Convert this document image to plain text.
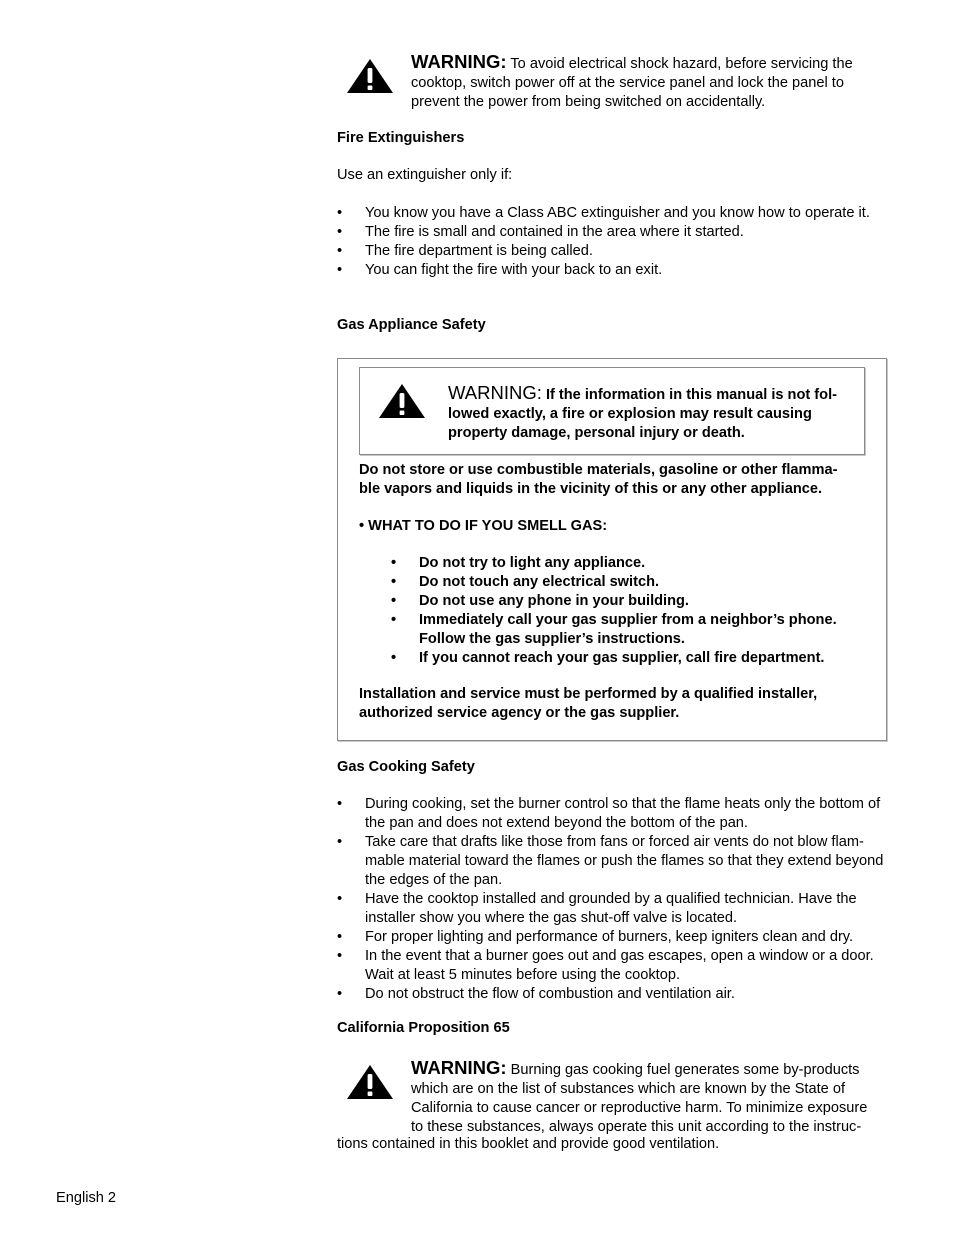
WARNING: To avoid electrical shock hazard, before servicing the
cooktop, switch power off at the service panel and lock the panel to
prevent the power from being switched on accidentally.
Fire Extinguishers
Use an extinguisher only if:
• You know you have a Class ABC extinguisher and you know how to operate it.
• The fire is small and contained in the area where it started.
• The fire department is being called.
• You can fight the fire with your back to an exit.
Gas Appliance Safety
WARNING: If the information in this manual is not fol-
lowed exactly, a fire or explosion may result causing
property damage, personal injury or death.
Do not store or use combustible materials, gasoline or other flamma-
ble vapors and liquids in the vicinity of this or any other appliance.
• WHAT TO DO IF YOU SMELL GAS:
• Do not try to light any appliance.
• Do not touch any electrical switch.
• Do not use any phone in your building.
• Immediately call your gas supplier from a neighbor’s phone. Follow the gas supplier’s instructions.
• If you cannot reach your gas supplier, call fire department.
Installation and service must be performed by a qualified installer,
authorized service agency or the gas supplier.
Gas Cooking Safety
• During cooking, set the burner control so that the flame heats only the bottom of the pan and does not extend beyond the bottom of the pan.
• Take care that drafts like those from fans or forced air vents do not blow flam-mable material toward the flames or push the flames so that they extend beyond the edges of the pan.
• Have the cooktop installed and grounded by a qualified technician. Have the installer show you where the gas shut-off valve is located.
• For proper lighting and performance of burners, keep igniters clean and dry.
• In the event that a burner goes out and gas escapes, open a window or a door. Wait at least 5 minutes before using the cooktop.
• Do not obstruct the flow of combustion and ventilation air.
California Proposition 65
WARNING: Burning gas cooking fuel generates some by-products
which are on the list of substances which are known by the State of
California to cause cancer or reproductive harm. To minimize exposure
to these substances, always operate this unit according to the instruc-
tions contained in this booklet and provide good ventilation.
English 2
